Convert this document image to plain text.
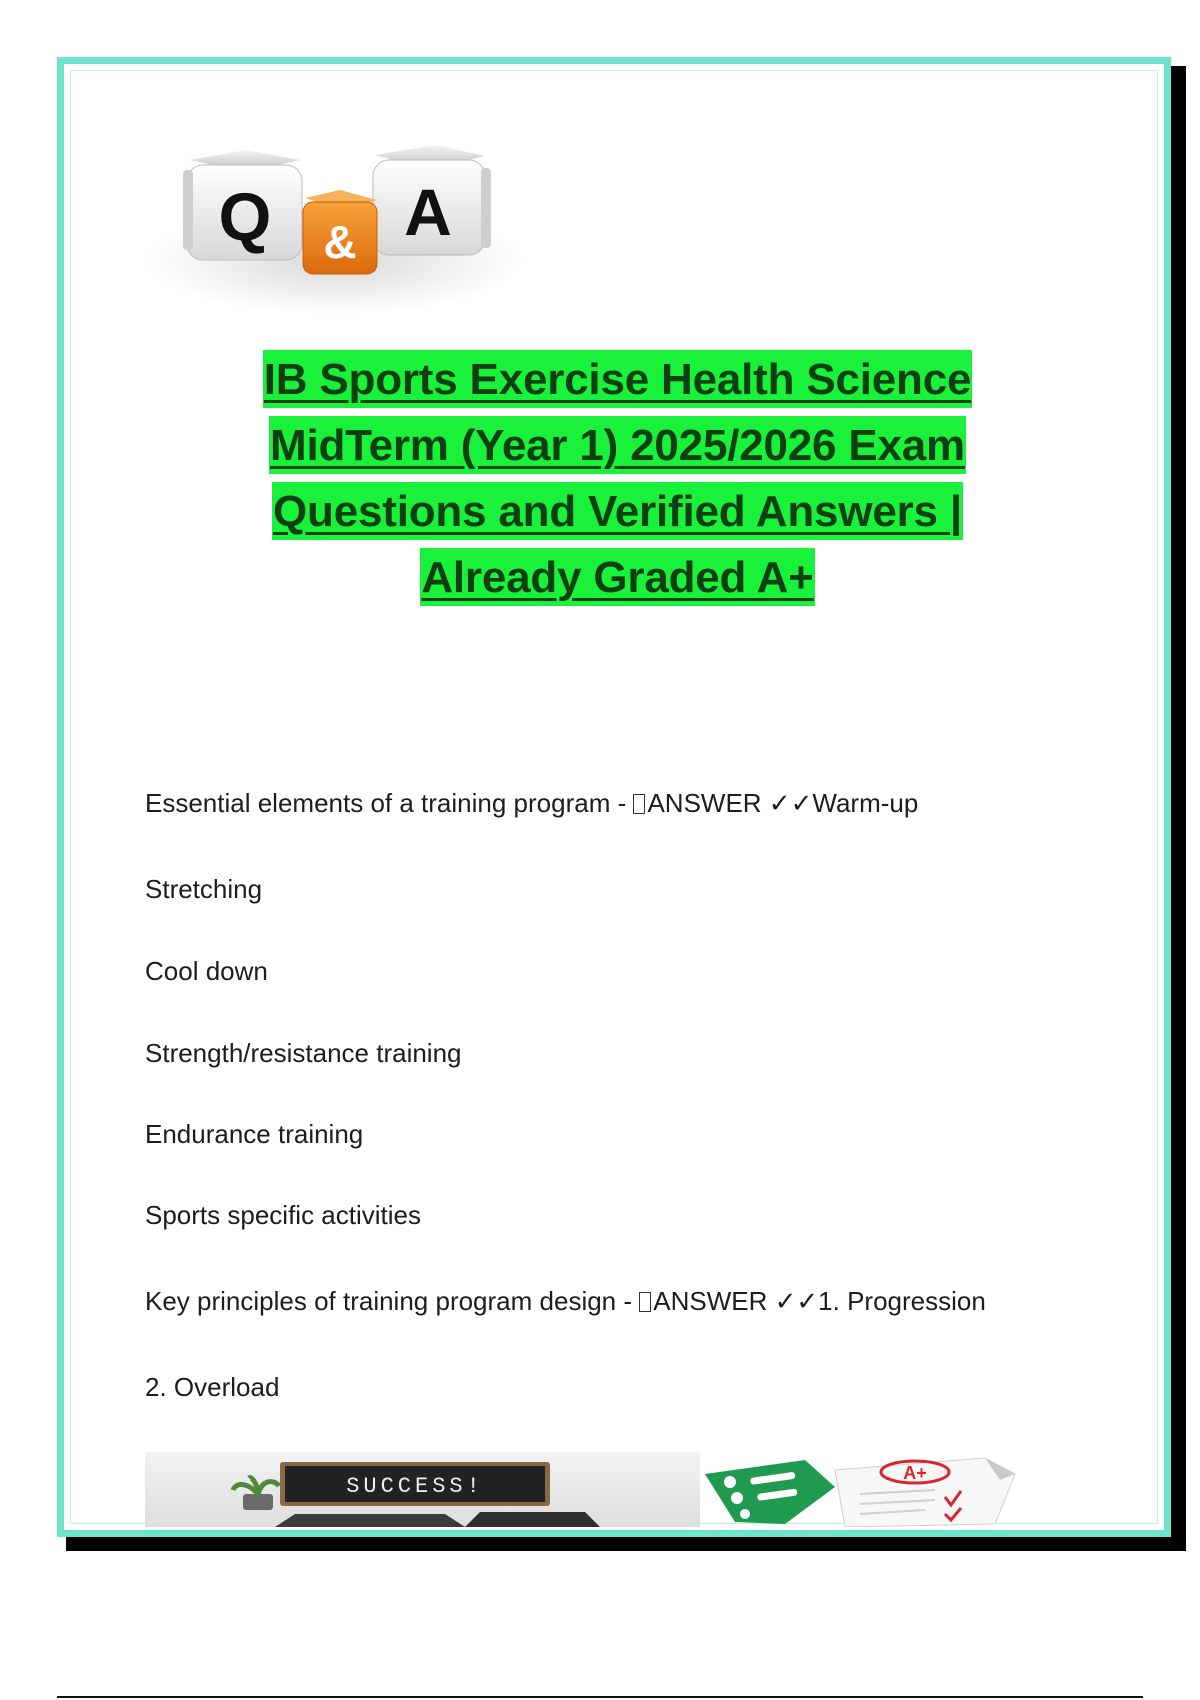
Q A
&
IB Sports Exercise Health Science
MidTerm (Year 1) 2025/2026 Exam
Questions and Verified Answers |
Already Graded A+
Essential elements of a training program - ANSWER ✓✓Warm-up
Stretching
Cool down
Strength/resistance training
Endurance training
Sports specific activities
Key principles of training program design - ANSWER ✓✓1. Progression
2. Overload
SUCCESS!
A+
